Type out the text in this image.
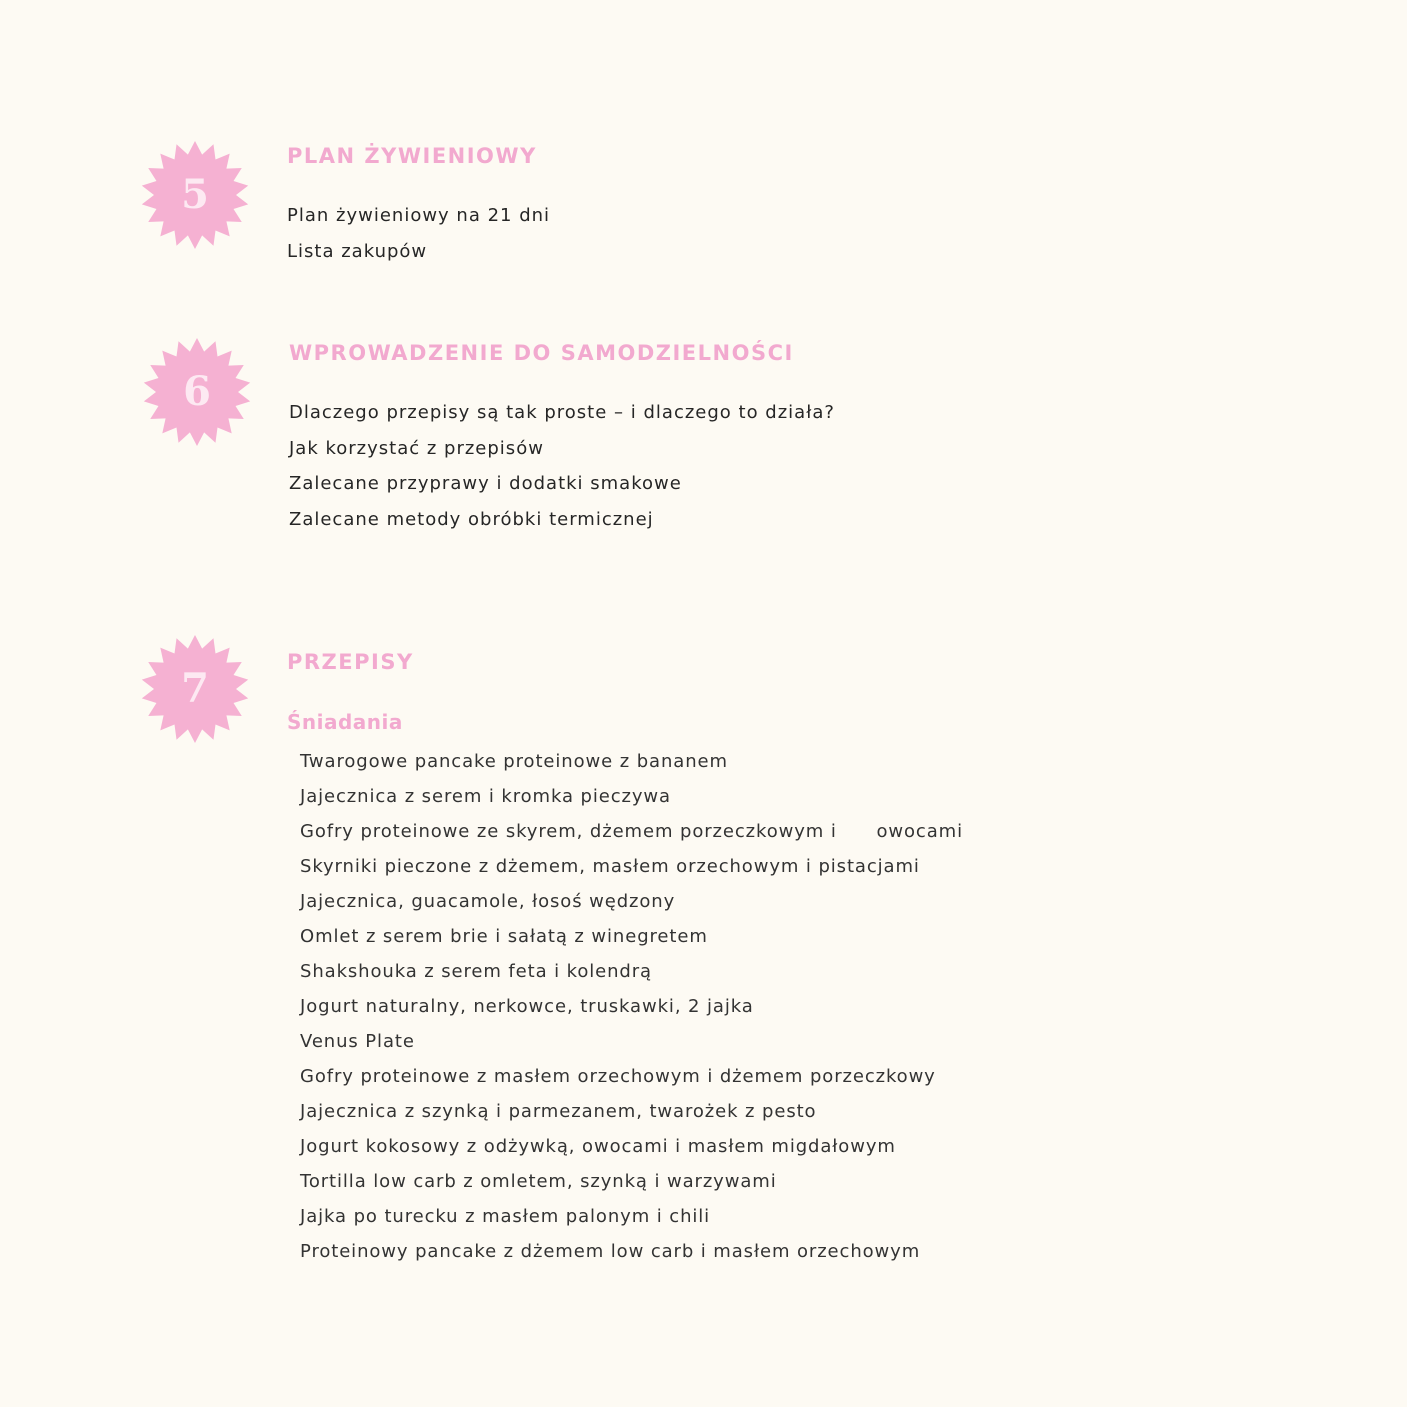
5
PLAN ŻYWIENIOWY
Plan żywieniowy na 21 dni
Lista zakupów
6
WPROWADZENIE DO SAMODZIELNOŚCI
Dlaczego przepisy są tak proste – i dlaczego to działa?
Jak korzystać z przepisów
Zalecane przyprawy i dodatki smakowe
Zalecane metody obróbki termicznej
7
PRZEPISY
Śniadania
Twarogowe pancake proteinowe z bananem
Jajecznica z serem i kromka pieczywa
Gofry proteinowe ze skyrem, dżemem porzeczkowym i      owocami
Skyrniki pieczone z dżemem, masłem orzechowym i pistacjami
Jajecznica, guacamole, łosoś wędzony
Omlet z serem brie i sałatą z winegretem
Shakshouka z serem feta i kolendrą
Jogurt naturalny, nerkowce, truskawki, 2 jajka
Venus Plate
Gofry proteinowe z masłem orzechowym i dżemem porzeczkowy
Jajecznica z szynką i parmezanem, twarożek z pesto
Jogurt kokosowy z odżywką, owocami i masłem migdałowym
Tortilla low carb z omletem, szynką i warzywami
Jajka po turecku z masłem palonym i chili
Proteinowy pancake z dżemem low carb i masłem orzechowym
